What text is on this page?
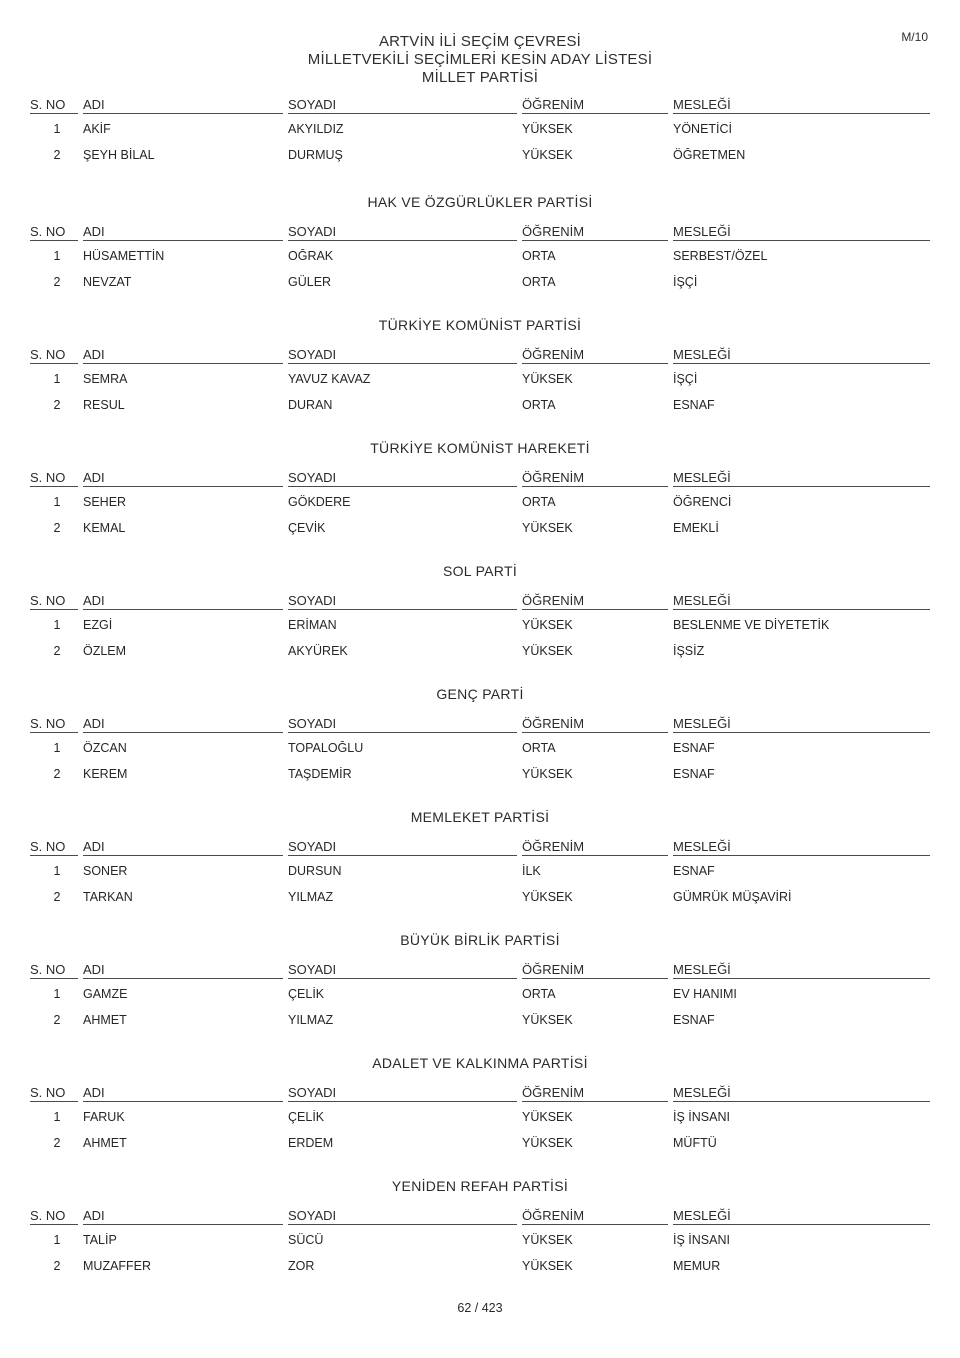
M/10
ARTVİN İLİ SEÇİM ÇEVRESİ
MİLLETVEKİLİ SEÇİMLERİ KESİN ADAY LİSTESİ
MİLLET PARTİSİ
S. NO	ADI	SOYADI	ÖĞRENİM	MESLEĞİ
1	AKİF	AKYILDIZ	YÜKSEK	YÖNETİCİ
2	ŞEYH BİLAL	DURMUŞ	YÜKSEK	ÖĞRETMEN
HAK VE ÖZGÜRLÜKLER PARTİSİ
S. NO	ADI	SOYADI	ÖĞRENİM	MESLEĞİ
1	HÜSAMETTİN	OĞRAK	ORTA	SERBEST/ÖZEL
2	NEVZAT	GÜLER	ORTA	İŞÇİ
TÜRKİYE KOMÜNİST PARTİSİ
S. NO	ADI	SOYADI	ÖĞRENİM	MESLEĞİ
1	SEMRA	YAVUZ KAVAZ	YÜKSEK	İŞÇİ
2	RESUL	DURAN	ORTA	ESNAF
TÜRKİYE KOMÜNİST HAREKETİ
S. NO	ADI	SOYADI	ÖĞRENİM	MESLEĞİ
1	SEHER	GÖKDERE	ORTA	ÖĞRENCİ
2	KEMAL	ÇEVİK	YÜKSEK	EMEKLİ
SOL PARTİ
S. NO	ADI	SOYADI	ÖĞRENİM	MESLEĞİ
1	EZGİ	ERİMAN	YÜKSEK	BESLENME VE DİYETETİK
2	ÖZLEM	AKYÜREK	YÜKSEK	İŞSİZ
GENÇ PARTİ
S. NO	ADI	SOYADI	ÖĞRENİM	MESLEĞİ
1	ÖZCAN	TOPALOĞLU	ORTA	ESNAF
2	KEREM	TAŞDEMİR	YÜKSEK	ESNAF
MEMLEKET PARTİSİ
S. NO	ADI	SOYADI	ÖĞRENİM	MESLEĞİ
1	SONER	DURSUN	İLK	ESNAF
2	TARKAN	YILMAZ	YÜKSEK	GÜMRÜK MÜŞAVİRİ
BÜYÜK BİRLİK PARTİSİ
S. NO	ADI	SOYADI	ÖĞRENİM	MESLEĞİ
1	GAMZE	ÇELİK	ORTA	EV HANIMI
2	AHMET	YILMAZ	YÜKSEK	ESNAF
ADALET VE KALKINMA PARTİSİ
S. NO	ADI	SOYADI	ÖĞRENİM	MESLEĞİ
1	FARUK	ÇELİK	YÜKSEK	İŞ İNSANI
2	AHMET	ERDEM	YÜKSEK	MÜFTÜ
YENİDEN REFAH PARTİSİ
S. NO	ADI	SOYADI	ÖĞRENİM	MESLEĞİ
1	TALİP	SÜCÜ	YÜKSEK	İŞ İNSANI
2	MUZAFFER	ZOR	YÜKSEK	MEMUR
62 / 423
